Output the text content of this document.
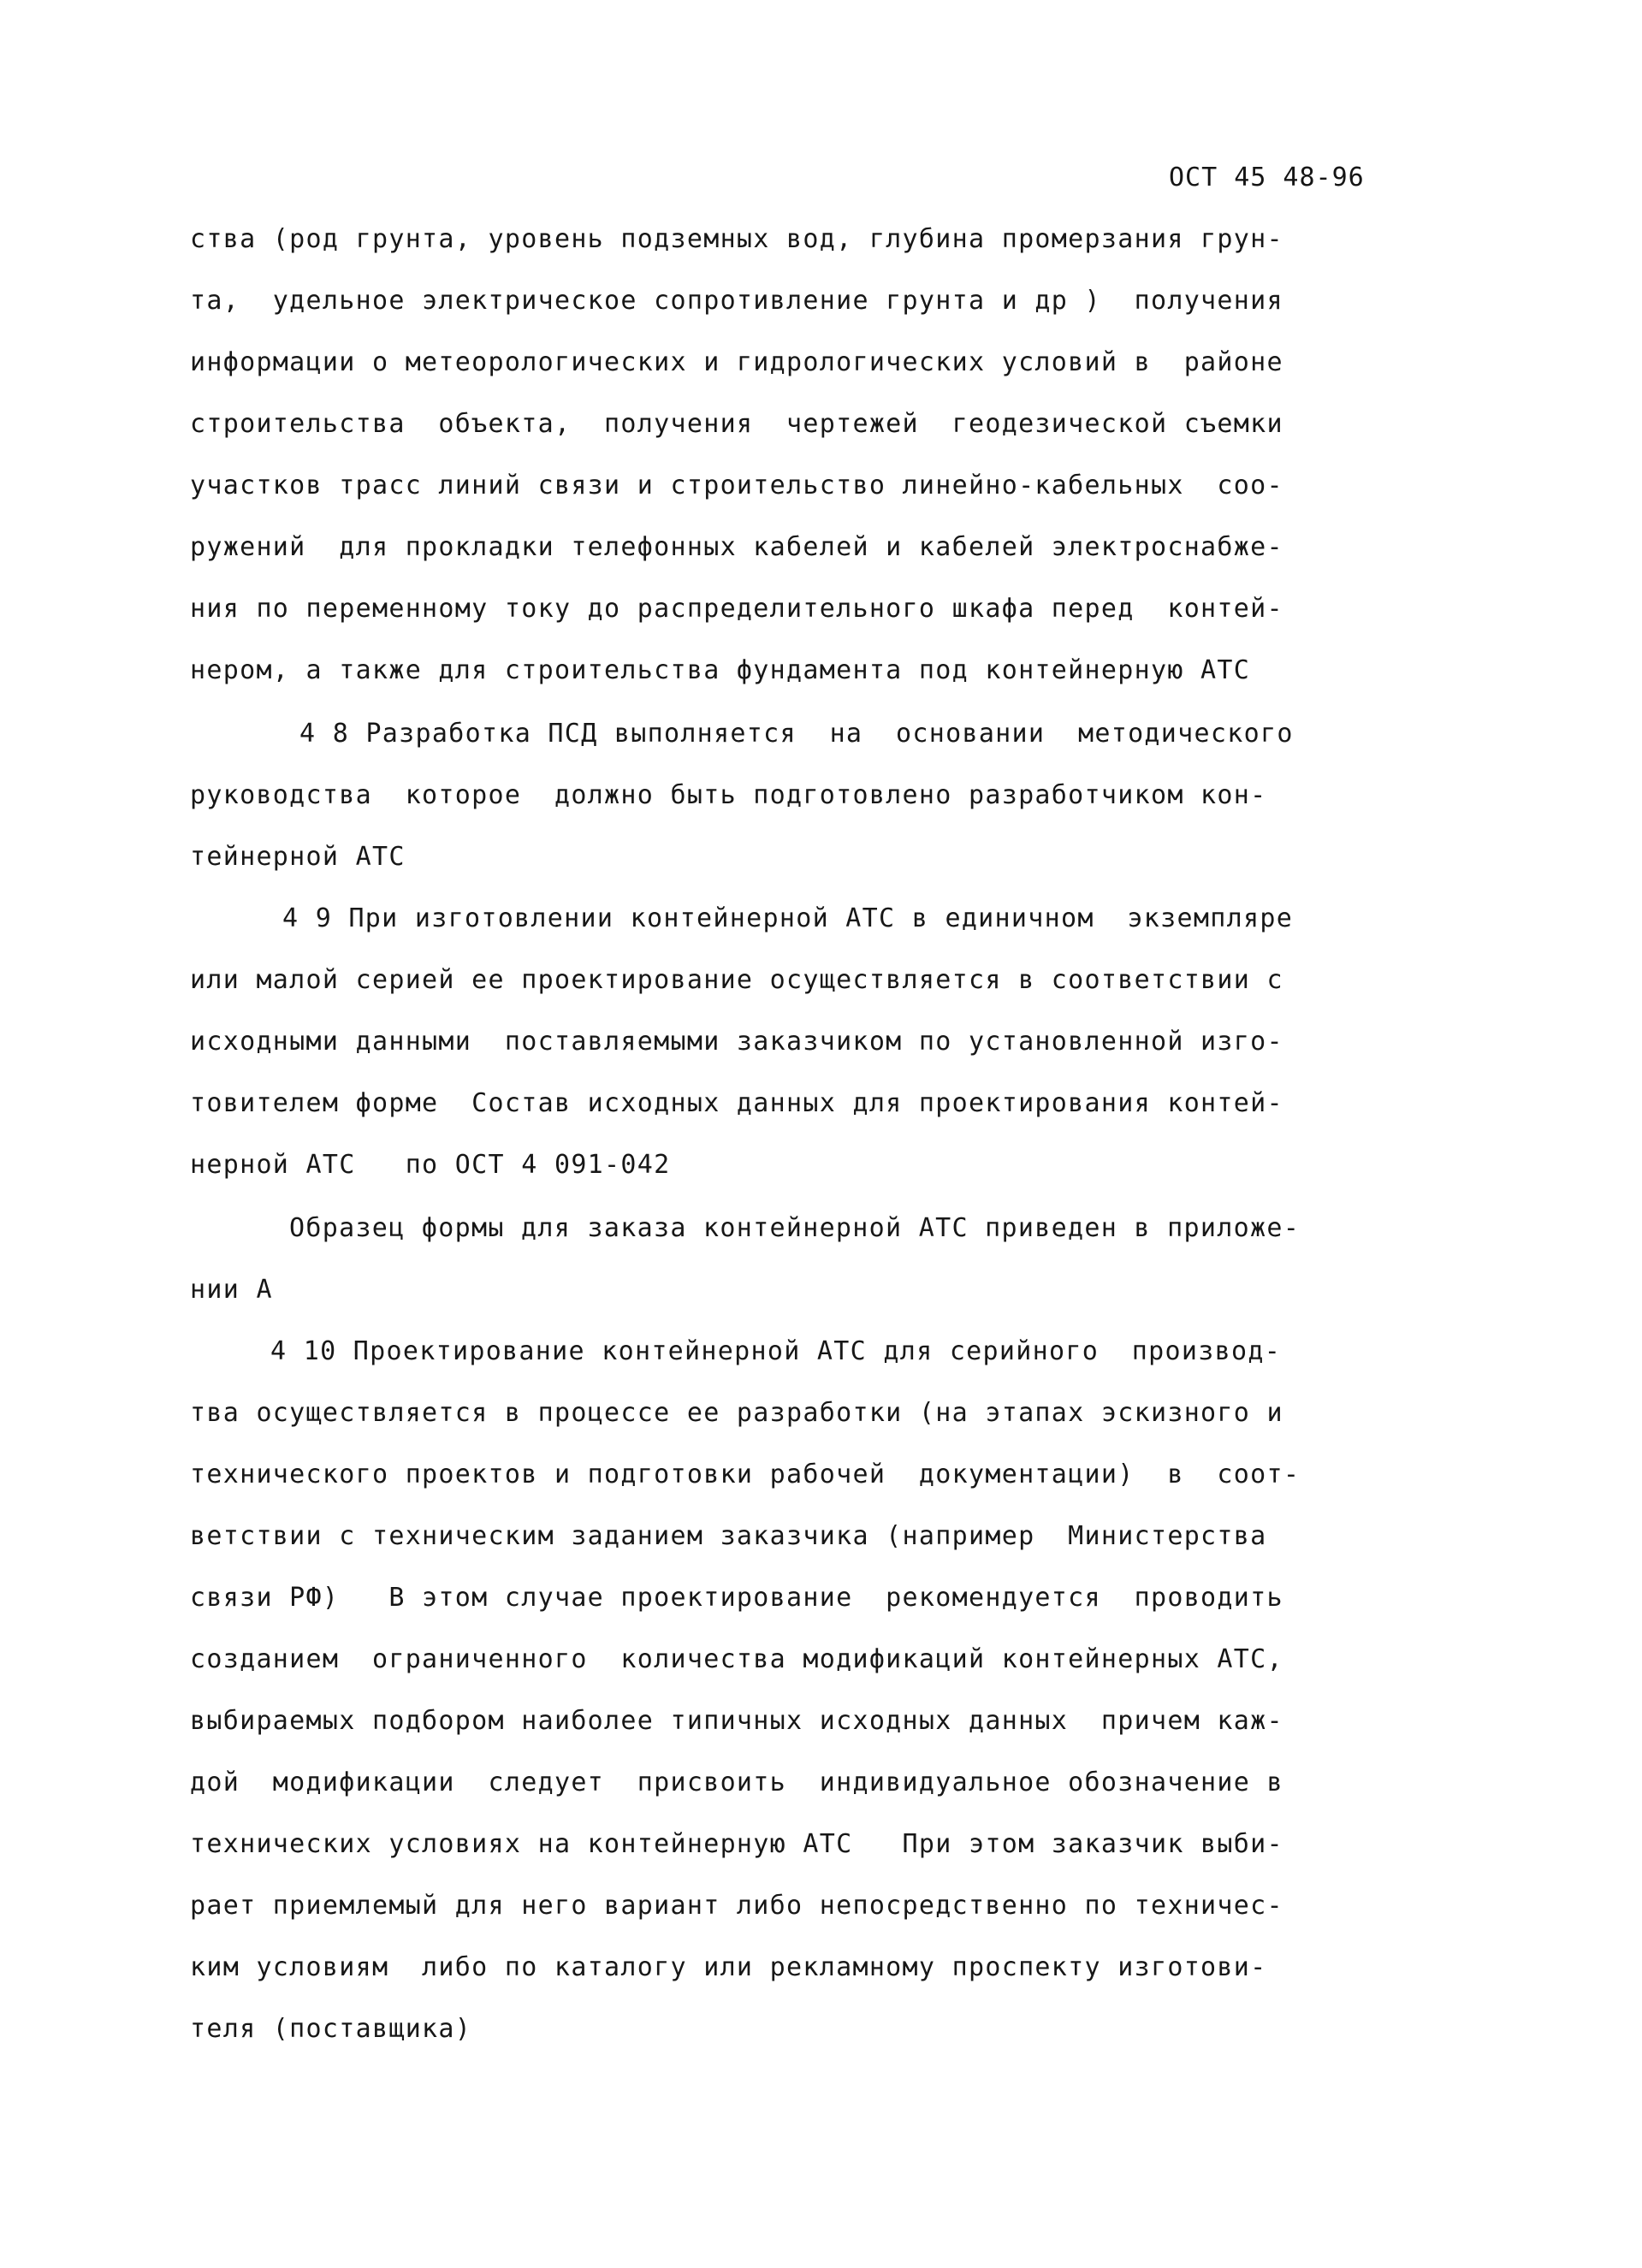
ОСТ 45 48-96
ства (род грунта, уровень подземных вод, глубина промерзания грун-
та,  удельное электрическое сопротивление грунта и др )  получения
информации о метеорологических и гидрологических условий в  районе
строительства  объекта,  получения  чертежей  геодезической съемки
участков трасс линий связи и строительство линейно-кабельных  соо-
ружений  для прокладки телефонных кабелей и кабелей электроснабже-
ния по переменному току до распределительного шкафа перед  контей-
нером, а также для строительства фундамента под контейнерную АТС
4 8 Разработка ПСД выполняется  на  основании  методического
руководства  которое  должно быть подготовлено разработчиком кон-
тейнерной АТС
4 9 При изготовлении контейнерной АТС в единичном  экземпляре
или малой серией ее проектирование осуществляется в соответствии с
исходными данными  поставляемыми заказчиком по установленной изго-
товителем форме  Состав исходных данных для проектирования контей-
нерной АТС   по ОСТ 4 091-042
Образец формы для заказа контейнерной АТС приведен в приложе-
нии А
4 10 Проектирование контейнерной АТС для серийного  производ-
тва осуществляется в процессе ее разработки (на этапах эскизного и
технического проектов и подготовки рабочей  документации)  в  соот-
ветствии с техническим заданием заказчика (например  Министерства
связи РФ)   В этом случае проектирование  рекомендуется  проводить
созданием  ограниченного  количества модификаций контейнерных АТС,
выбираемых подбором наиболее типичных исходных данных  причем каж-
дой  модификации  следует  присвоить  индивидуальное обозначение в
технических условиях на контейнерную АТС   При этом заказчик выби-
рает приемлемый для него вариант либо непосредственно по техничес-
ким условиям  либо по каталогу или рекламному проспекту изготови-
теля (поставщика)
